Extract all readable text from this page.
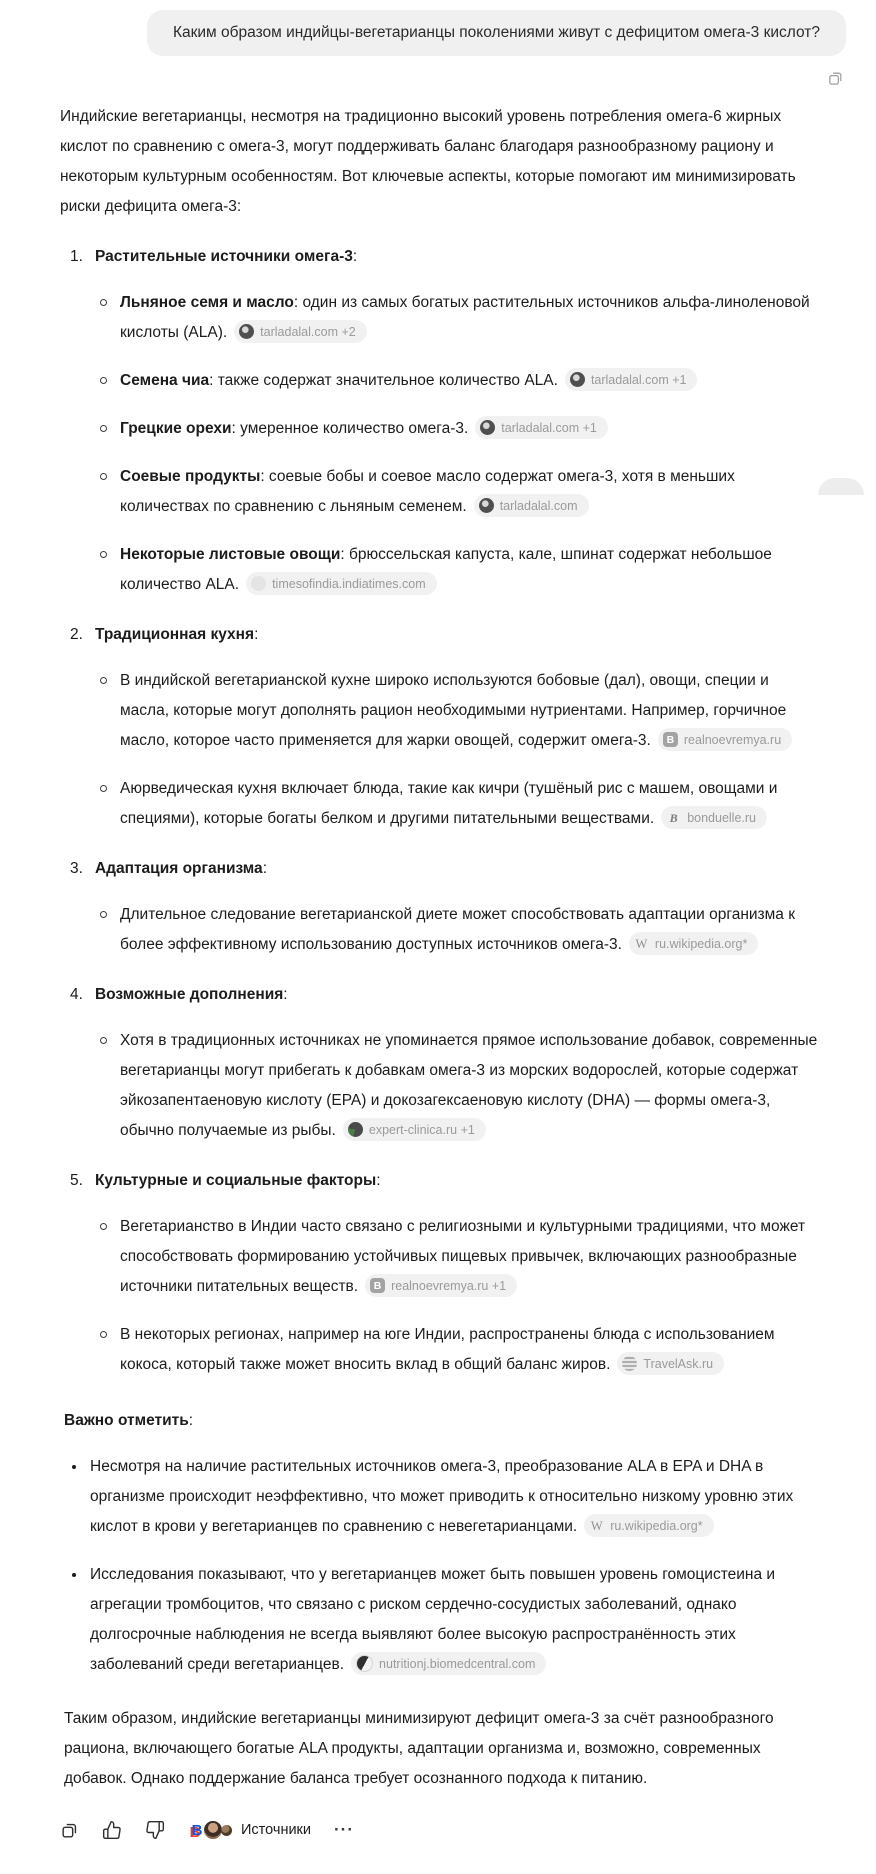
Каким образом индийцы-вегетарианцы поколениями живут с дефицитом омега-3 кислот?

Индийские вегетарианцы, несмотря на традиционно высокий уровень потребления омега-6 жирных кислот по сравнению с омега-3, могут поддерживать баланс благодаря разнообразному рациону и некоторым культурным особенностям. Вот ключевые аспекты, которые помогают им минимизировать риски дефицита омега-3:

1. Растительные источники омега-3:
Льняное семя и масло: один из самых богатых растительных источников альфа-линоленовой кислоты (ALA).	tarladalal.com +2
Семена чиа: также содержат значительное количество ALA.	tarladalal.com +1
Грецкие орехи: умеренное количество омега-3.	tarladalal.com +1
Соевые продукты: соевые бобы и соевое масло содержат омега-3, хотя в меньших количествах по сравнению с льняным семенем.	tarladalal.com
Некоторые листовые овощи: брюссельская капуста, кале, шпинат содержат небольшое количество ALA.	timesofindia.indiatimes.com
2. Традиционная кухня:
В индийской вегетарианской кухне широко используются бобовые (дал), овощи, специи и масла, которые могут дополнять рацион необходимыми нутриентами. Например, горчичное масло, которое часто применяется для жарки овощей, содержит омега-3.	B realnoevremya.ru
Аюрведическая кухня включает блюда, такие как кичри (тушёный рис с машем, овощами и специями), которые богаты белком и другими питательными веществами. B bonduelle.ru
3. Адаптация организма:
Длительное следование вегетарианской диете может способствовать адаптации организма к более эффективному использованию доступных источников омега-3. W ru.wikipedia.org*
4. Возможные дополнения:
Хотя в традиционных источниках не упоминается прямое использование добавок, современные вегетарианцы могут прибегать к добавкам омега-3 из морских водорослей, которые содержат эйкозапентаеновую кислоту (EPA) и докозагексаеновую кислоту (DHA) — формы омега-3, обычно получаемые из рыбы.	expert-clinica.ru +1
5. Культурные и социальные факторы:
Вегетарианство в Индии часто связано с религиозными и культурными традициями, что может способствовать формированию устойчивых пищевых привычек, включающих разнообразные источники питательных веществ.	B realnoevremya.ru +1
В некоторых регионах, например на юге Индии, распространены блюда с использованием кокоса, который также может вносить вклад в общий баланс жиров.	TravelAsk.ru

Важно отметить:

Несмотря на наличие растительных источников омега-3, преобразование ALA в EPA и DHA в организме происходит неэффективно, что может приводить к относительно низкому уровню этих кислот в крови у вегетарианцев по сравнению с невегетарианцами. W ru.wikipedia.org*
Исследования показывают, что у вегетарианцев может быть повышен уровень гомоцистеина и агрегации тромбоцитов, что связано с риском сердечно-сосудистых заболеваний, однако долгосрочные наблюдения не всегда выявляют более высокую распространённость этих заболеваний среди вегетарианцев.	nutritionj.biomedcentral.com

Таким образом, индийские вегетарианцы минимизируют дефицит омега-3 за счёт разнообразного рациона, включающего богатые ALA продукты, адаптации организма и, возможно, современных добавок. Однако поддержание баланса требует осознанного подхода к питанию.

В	Источники ···
